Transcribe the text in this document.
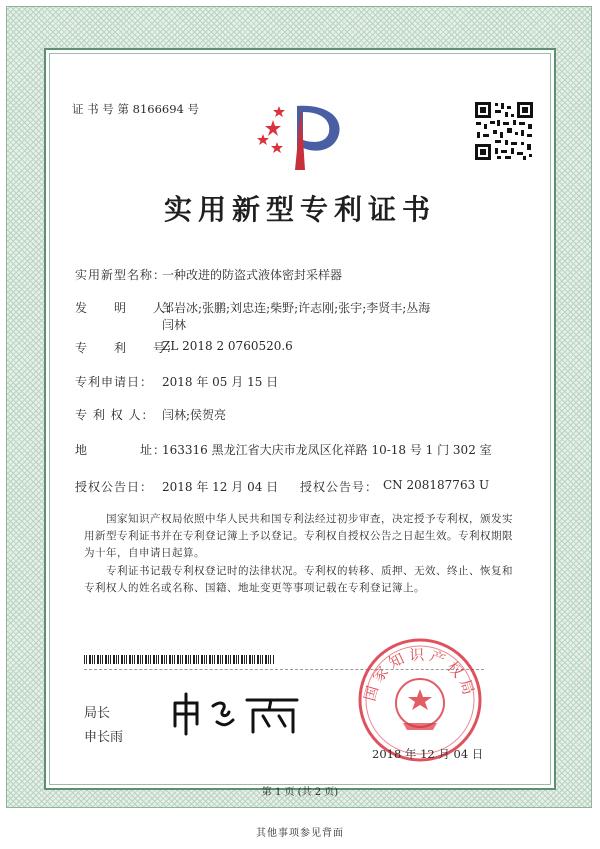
证 书 号 第 8166694 号
实用新型专利证书
实用新型名称：
一种改进的防盗式液体密封采样器
发　　明　　人：
邹岩冰;张鹏;刘忠连;柴野;许志刚;张宇;李贤丰;丛海
闫林
专　　利　　号：
ZL 2018 2 0760520.6
专利申请日： 2018 年 05 月 15 日
专 利 权 人： 闫林;侯贺亮
地　　　　址：
163316 黑龙江省大庆市龙凤区化祥路 10-18 号 1 门 302 室
授权公告日： 2018 年 12 月 04 日 授权公告号： CN 208187763 U
国家知识产权局依照中华人民共和国专利法经过初步审查，决定授予专利权，颁发实用新型专利证书并在专利登记簿上予以登记。专利权自授权公告之日起生效。专利权期限为十年，自申请日起算。
专利证书记载专利权登记时的法律状况。专利权的转移、质押、无效、终止、恢复和专利权人的姓名或名称、国籍、地址变更等事项记载在专利登记簿上。
局长
申长雨
国家知识产权局
2018 年 12 月 04 日
第 1 页 (共 2 页)
其他事项参见背面
